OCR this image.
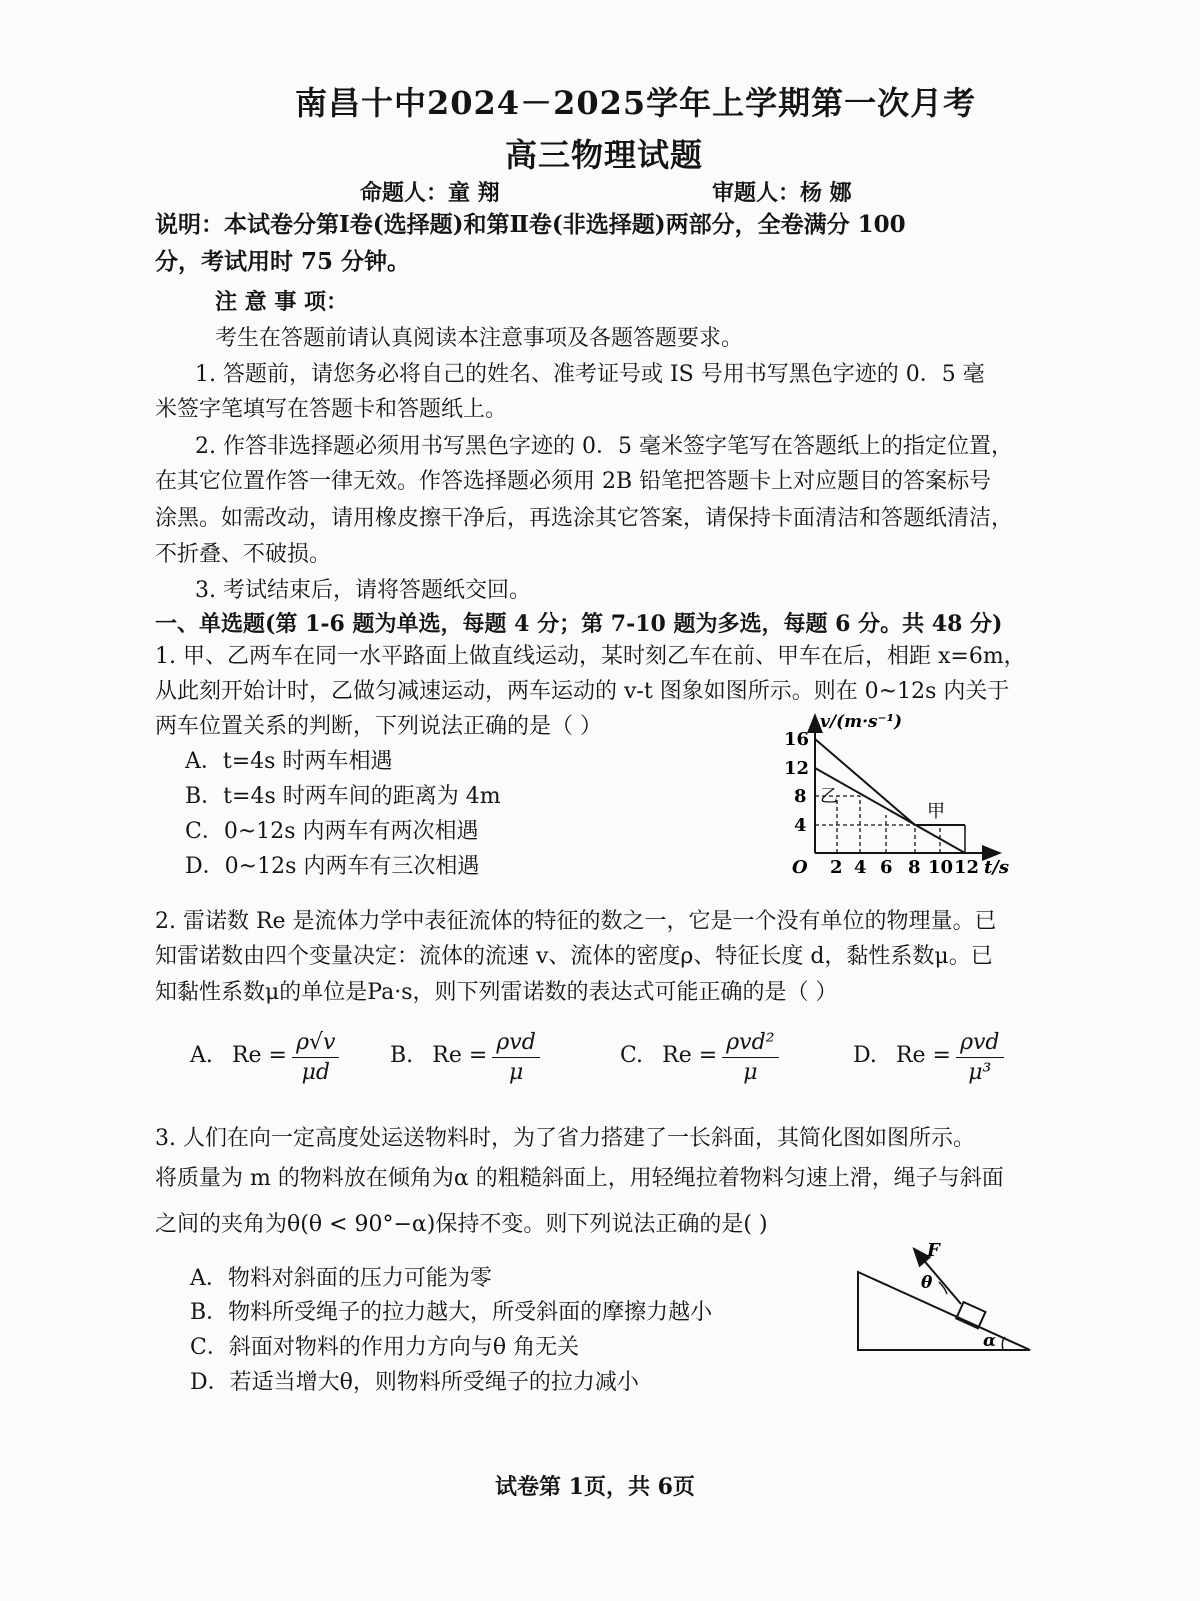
南昌十中2024－2025学年上学期第一次月考
高三物理试题
命题人：童 翔	审题人：杨 娜
说明：本试卷分第Ⅰ卷(选择题)和第Ⅱ卷(非选择题)两部分，全卷满分 100
分，考试用时 75 分钟。
注 意 事 项：
考生在答题前请认真阅读本注意事项及各题答题要求。
1. 答题前，请您务必将自己的姓名、准考证号或 IS 号用书写黑色字迹的 0．5 毫
米签字笔填写在答题卡和答题纸上。
2. 作答非选择题必须用书写黑色字迹的 0．5 毫米签字笔写在答题纸上的指定位置，
在其它位置作答一律无效。作答选择题必须用 2B 铅笔把答题卡上对应题目的答案标号
涂黑。如需改动，请用橡皮擦干净后，再选涂其它答案，请保持卡面清洁和答题纸清洁，
不折叠、不破损。
3. 考试结束后，请将答题纸交回。
一、单选题(第 1-6 题为单选，每题 4 分；第 7-10 题为多选，每题 6 分。共 48 分)
1. 甲、乙两车在同一水平路面上做直线运动，某时刻乙车在前、甲车在后，相距 x=6m，
从此刻开始计时，乙做匀减速运动，两车运动的 v-t 图象如图所示。则在 0~12s 内关于
两车位置关系的判断，下列说法正确的是（ ）
A．t=4s 时两车相遇
B．t=4s 时两车间的距离为 4m
C．0~12s 内两车有两次相遇
D．0~12s 内两车有三次相遇
v/(m·s⁻¹)
16
12
8
4
O 2 4 6 8 10 12 t/s
乙
甲
2. 雷诺数 Re 是流体力学中表征流体的特征的数之一，它是一个没有单位的物理量。已
知雷诺数由四个变量决定：流体的流速 v、流体的密度ρ、特征长度 d，黏性系数μ。已
知黏性系数μ的单位是Pa·s，则下列雷诺数的表达式可能正确的是（ ）
A. $Re = \frac{\rho√v}{\mu d} B$. $Re = \frac{\text{ρvd}}{\mu}$	C. $Re = \frac{\text{ρvd²}}{\mu}$	D. $Re = \frac{\text{ρvd}}{\text{μ³}}$
3. 人们在向一定高度处运送物料时，为了省力搭建了一长斜面，其简化图如图所示。
将质量为 m 的物料放在倾角为α 的粗糙斜面上，用轻绳拉着物料匀速上滑，绳子与斜面
之间的夹角为θ(θ < 90°−α)保持不变。则下列说法正确的是( )
A．物料对斜面的压力可能为零
B．物料所受绳子的拉力越大，所受斜面的摩擦力越小
C．斜面对物料的作用力方向与θ 角无关
D．若适当增大θ，则物料所受绳子的拉力减小
F
θ
α
试卷第 1页，共 6页
